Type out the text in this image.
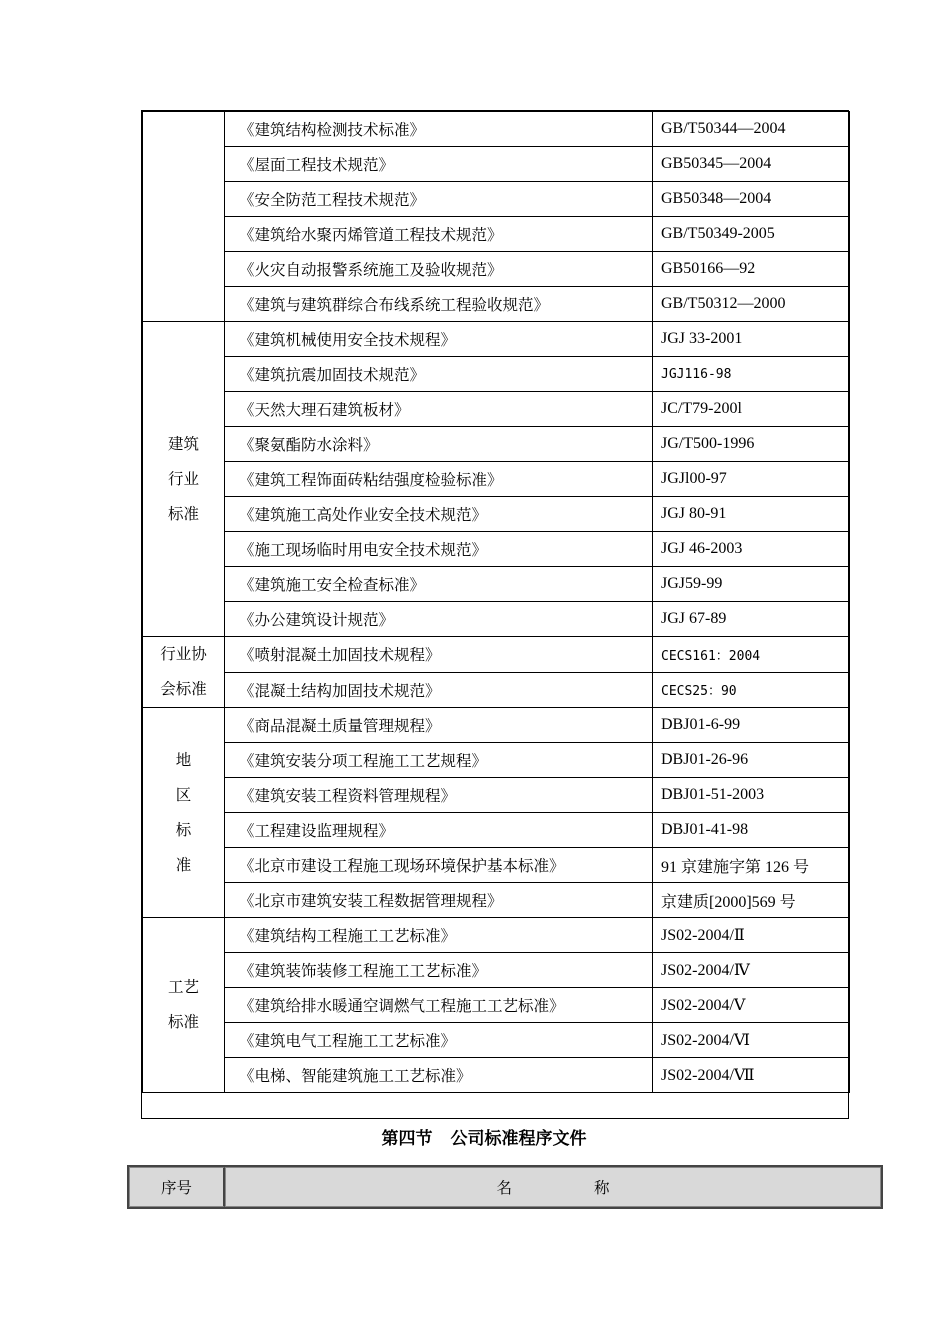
	《建筑结构检测技术标准》	GB/T50344—2004
	《屋面工程技术规范》	GB50345—2004
	《安全防范工程技术规范》	GB50348—2004
	《建筑给水聚丙烯管道工程技术规范》	GB/T50349-2005
	《火灾自动报警系统施工及验收规范》	GB50166—92
	《建筑与建筑群综合布线系统工程验收规范》	GB/T50312—2000

建筑
行业
标准	《建筑机械使用安全技术规程》	JGJ 33-2001
	《建筑抗震加固技术规范》	JGJ116-98
	《天然大理石建筑板材》	JC/T79-200l
	《聚氨酯防水涂料》	JG/T500-1996
	《建筑工程饰面砖粘结强度检验标准》	JGJl00-97
	《建筑施工高处作业安全技术规范》	JGJ 80-91
	《施工现场临时用电安全技术规范》	JGJ 46-2003
	《建筑施工安全检查标准》	JGJ59-99
	《办公建筑设计规范》	JGJ 67-89

行业协
会标准	《喷射混凝土加固技术规程》	CECS161：2004
	《混凝土结构加固技术规范》	CECS25：90

地
区
标
准	《商品混凝土质量管理规程》	DBJ01-6-99
	《建筑安装分项工程施工工艺规程》	DBJ01-26-96
	《建筑安装工程资料管理规程》	DBJ01-51-2003
	《工程建设监理规程》	DBJ01-41-98
	《北京市建设工程施工现场环境保护基本标准》	91 京建施字第 126 号
	《北京市建筑安装工程数据管理规程》	京建质[2000]569 号

工艺
标准	《建筑结构工程施工工艺标准》	JS02-2004/Ⅱ
	《建筑装饰装修工程施工工艺标准》	JS02-2004/Ⅳ
	《建筑给排水暖通空调燃气工程施工工艺标准》	JS02-2004/Ⅴ
	《建筑电气工程施工工艺标准》	JS02-2004/Ⅵ
	《电梯、智能建筑施工工艺标准》	JS02-2004/Ⅶ
第四节 公司标准程序文件
序号	名	称
